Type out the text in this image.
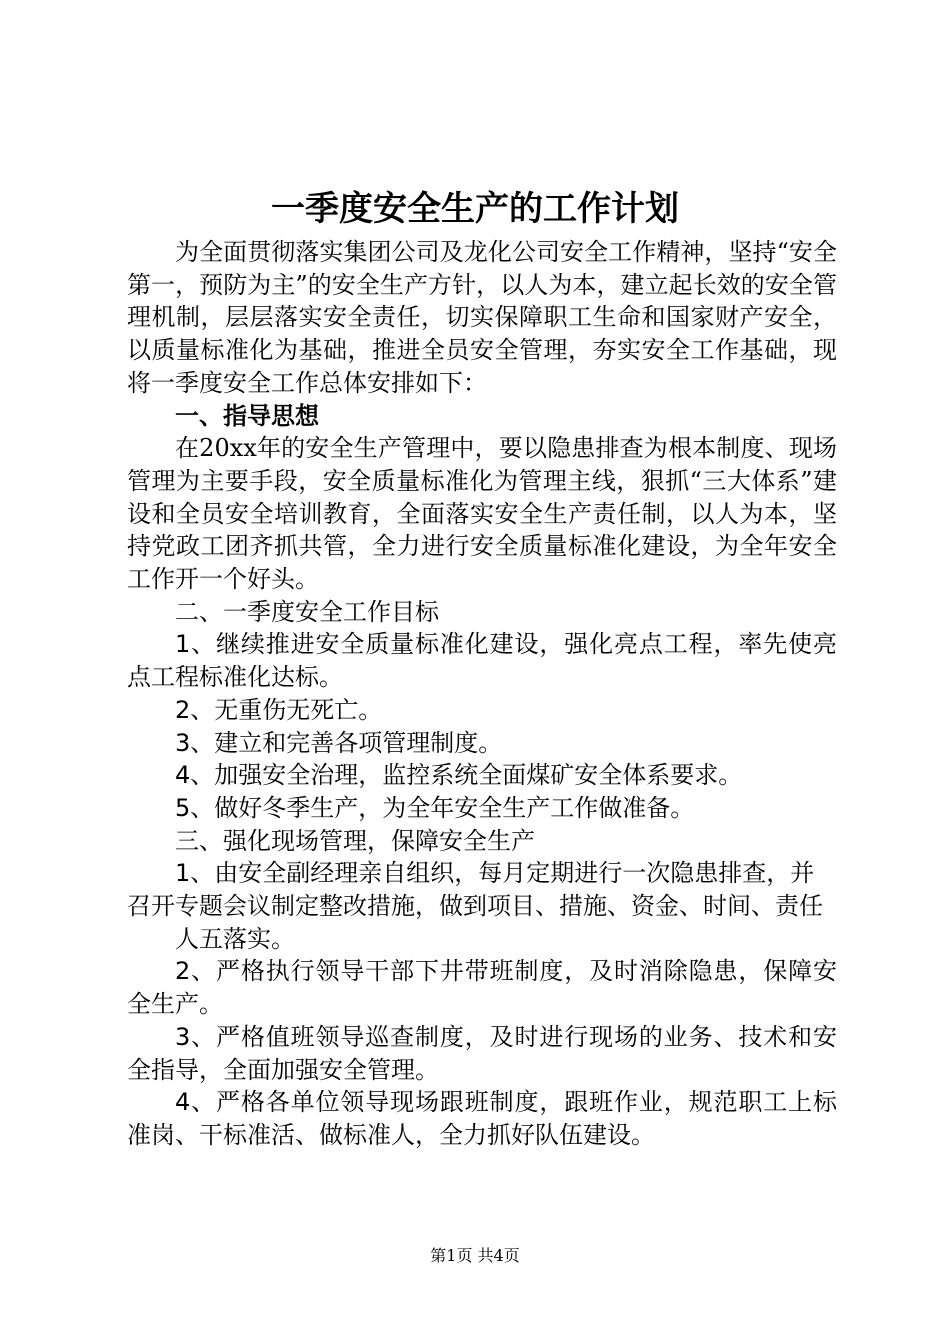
一季度安全生产的工作计划

为全面贯彻落实集团公司及龙化公司安全工作精神，坚持“安全第一，预防为主”的安全生产方针，以人为本，建立起长效的安全管理机制，层层落实安全责任，切实保障职工生命和国家财产安全，以质量标准化为基础，推进全员安全管理，夯实安全工作基础，现将一季度安全工作总体安排如下：

一、指导思想

在20xx年的安全生产管理中，要以隐患排查为根本制度、现场管理为主要手段，安全质量标准化为管理主线，狠抓“三大体系”建设和全员安全培训教育，全面落实安全生产责任制，以人为本，坚持党政工团齐抓共管，全力进行安全质量标准化建设，为全年安全工作开一个好头。

二、一季度安全工作目标

1、继续推进安全质量标准化建设，强化亮点工程，率先使亮点工程标准化达标。

2、无重伤无死亡。

3、建立和完善各项管理制度。

4、加强安全治理，监控系统全面煤矿安全体系要求。

5、做好冬季生产，为全年安全生产工作做准备。

三、强化现场管理，保障安全生产

1、由安全副经理亲自组织，每月定期进行一次隐患排查，并召开专题会议制定整改措施，做到项目、措施、资金、时间、责任

人五落实。

2、严格执行领导干部下井带班制度，及时消除隐患，保障安全生产。

3、严格值班领导巡查制度，及时进行现场的业务、技术和安全指导，全面加强安全管理。

4、严格各单位领导现场跟班制度，跟班作业，规范职工上标准岗、干标准活、做标准人，全力抓好队伍建设。

第1页 共4页
